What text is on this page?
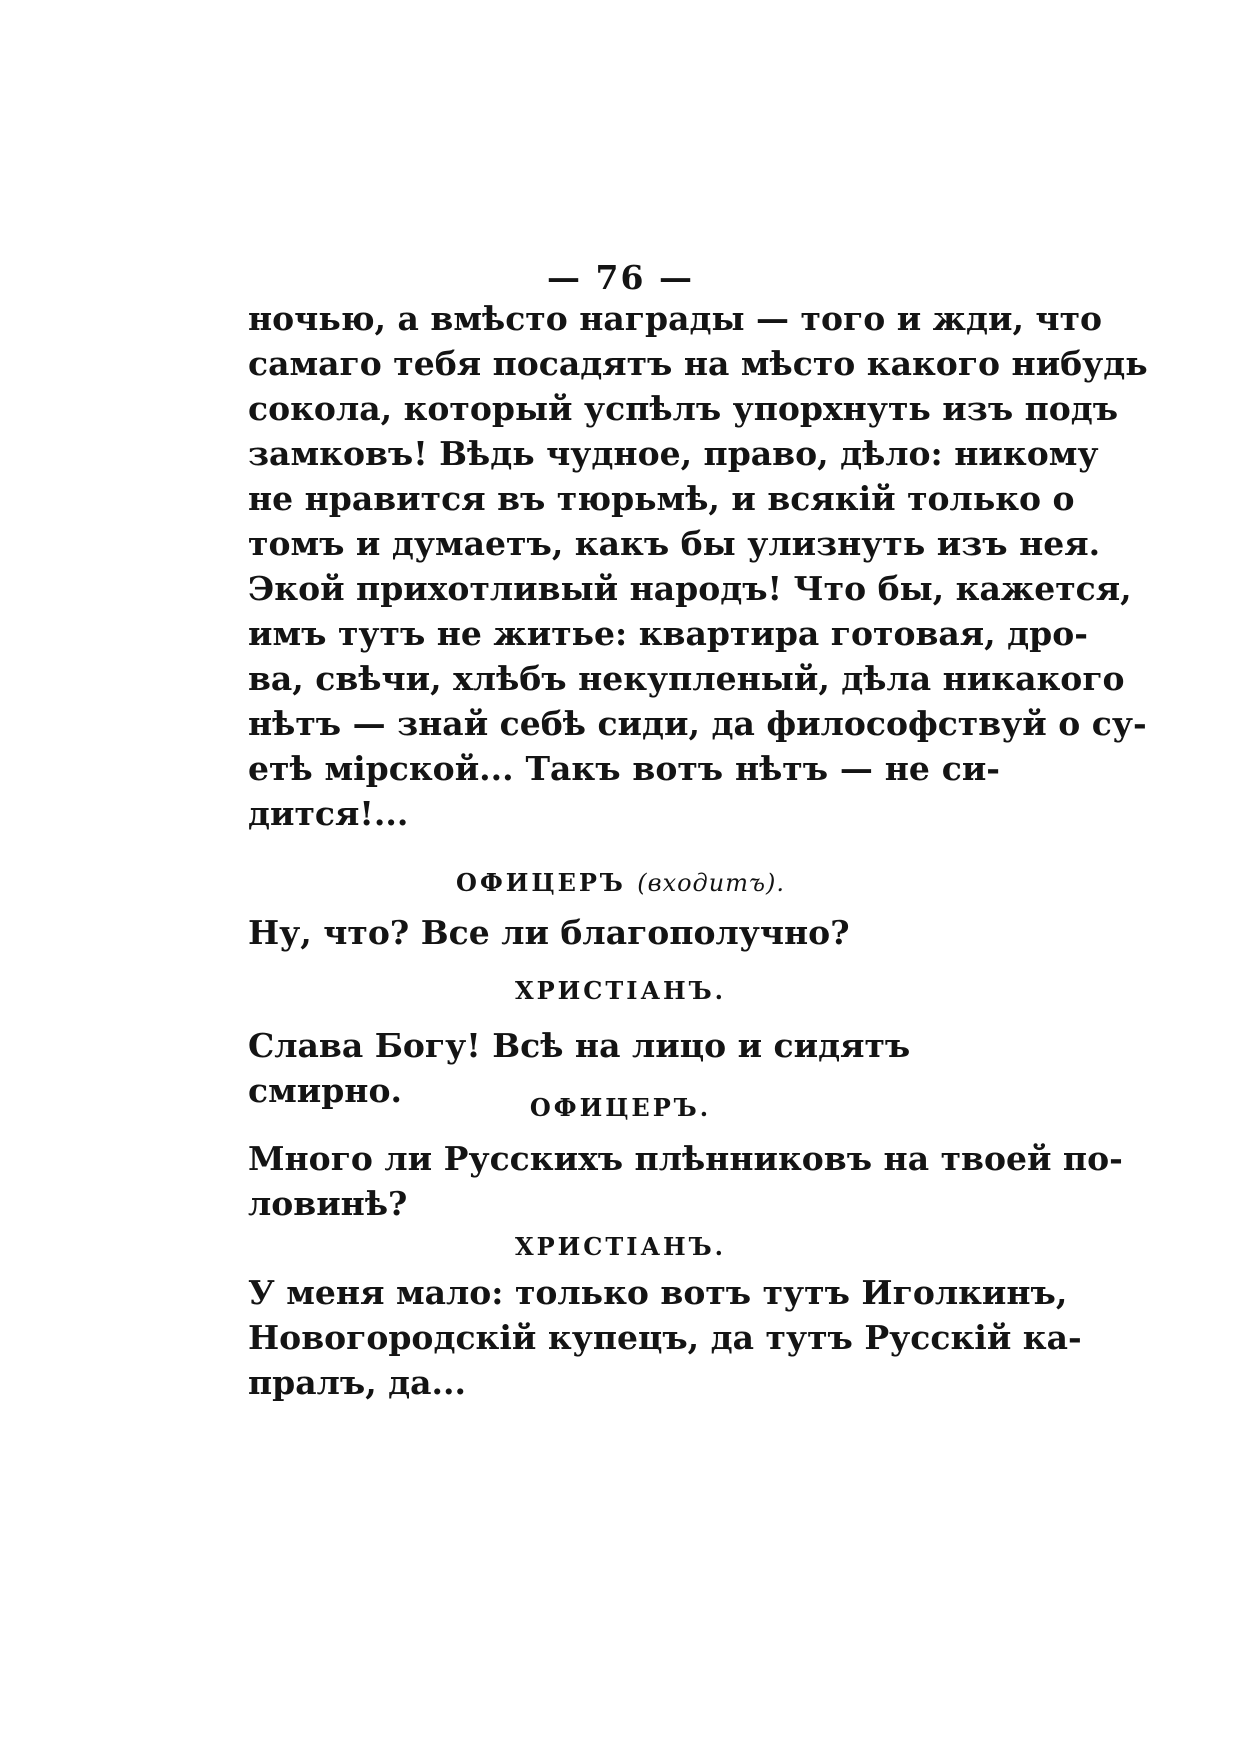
— 76 —
ночью, а вмѣсто награды — того и жди, что
самаго тебя посадятъ на мѣсто какого нибудь
сокола, который успѣлъ упорхнуть изъ подъ
замковъ! Вѣдь чудное, право, дѣло: никому
не нравится въ тюрьмѣ, и всякій только о
томъ и думаетъ, какъ бы улизнуть изъ нея.
Экой прихотливый народъ! Что бы, кажется,
имъ тутъ не житье: квартира готовая, дро-
ва, свѣчи, хлѣбъ некупленый, дѣла никакого
нѣтъ — знай себѣ сиди, да философствуй о су-
етѣ мірской... Такъ вотъ нѣтъ — не си-
дится!...
ОФИЦЕРЪ (входитъ).
Ну, что? Все ли благополучно?
ХРИСТІАНЪ.
Слава Богу! Всѣ на лицо и сидятъ смирно.	ОФИЦЕРЪ.
Много ли Русскихъ плѣнниковъ на твоей по-
ловинѣ?
ХРИСТІАНЪ.
У меня мало: только вотъ тутъ Иголкинъ,
Новогородскій купецъ, да тутъ Русскій ка-
пралъ, да...
